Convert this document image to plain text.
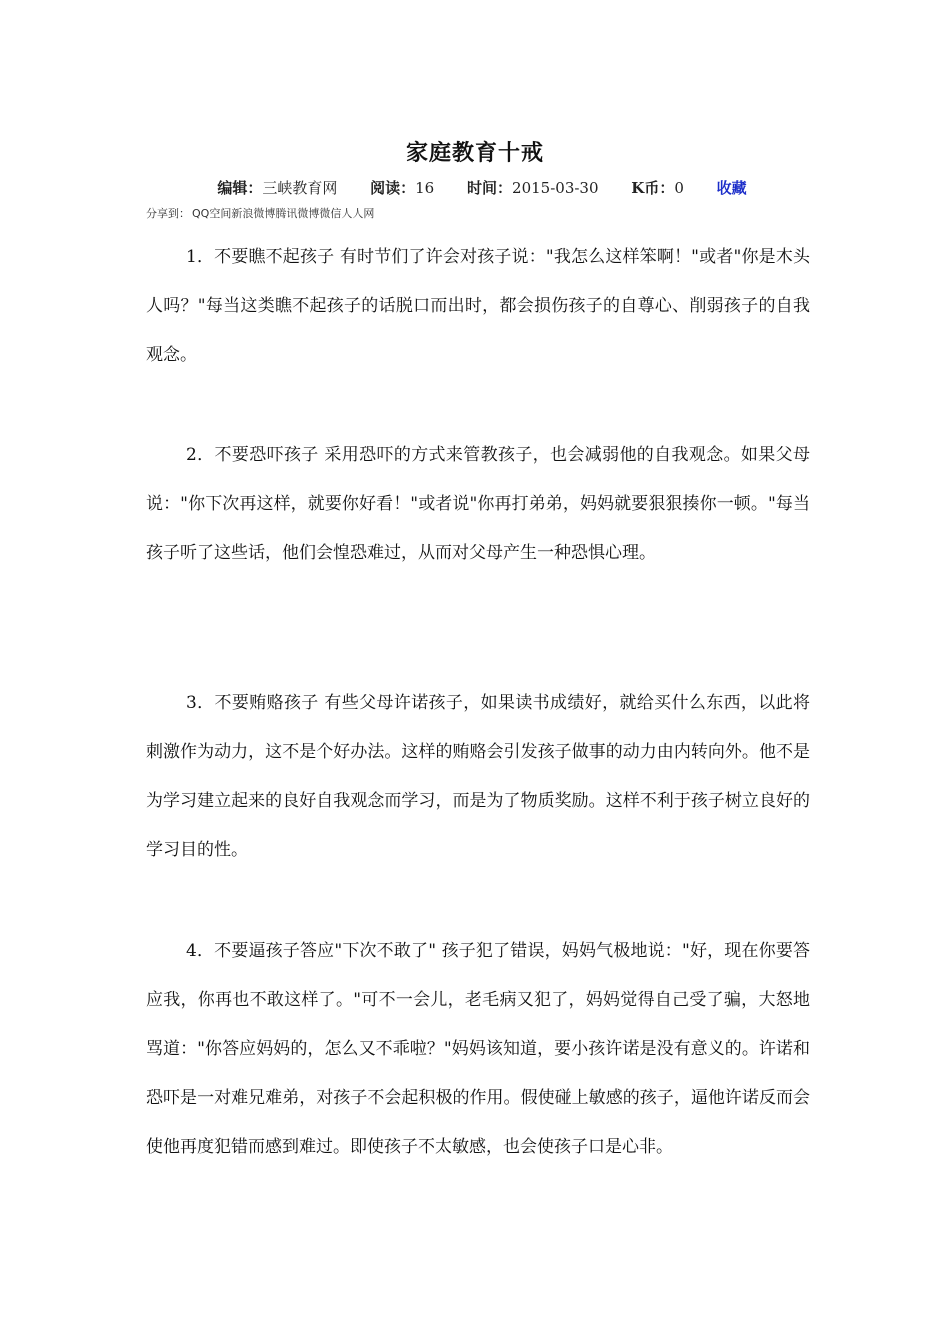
家庭教育十戒
编辑：三峡教育网 阅读：16 时间：2015-03-30 K币：0 收藏
分享到： QQ空间新浪微博腾讯微博微信人人网

1．不要瞧不起孩子 有时节们了许会对孩子说："我怎么这样笨啊！"或者"你是木头人吗？"每当这类瞧不起孩子的话脱口而出时，都会损伤孩子的自尊心、削弱孩子的自我观念。

2．不要恐吓孩子 采用恐吓的方式来管教孩子，也会减弱他的自我观念。如果父母说："你下次再这样，就要你好看！"或者说"你再打弟弟，妈妈就要狠狠揍你一顿。"每当孩子听了这些话，他们会惶恐难过，从而对父母产生一种恐惧心理。

3．不要贿赂孩子 有些父母许诺孩子，如果读书成绩好，就给买什么东西，以此将刺激作为动力，这不是个好办法。这样的贿赂会引发孩子做事的动力由内转向外。他不是为学习建立起来的良好自我观念而学习，而是为了物质奖励。这样不利于孩子树立良好的学习目的性。

4．不要逼孩子答应"下次不敢了" 孩子犯了错误，妈妈气极地说："好，现在你要答应我，你再也不敢这样了。"可不一会儿，老毛病又犯了，妈妈觉得自己受了骗，大怒地骂道："你答应妈妈的，怎么又不乖啦？"妈妈该知道，要小孩许诺是没有意义的。许诺和恐吓是一对难兄难弟，对孩子不会起积极的作用。假使碰上敏感的孩子，逼他许诺反而会使他再度犯错而感到难过。即使孩子不太敏感，也会使孩子口是心非。
